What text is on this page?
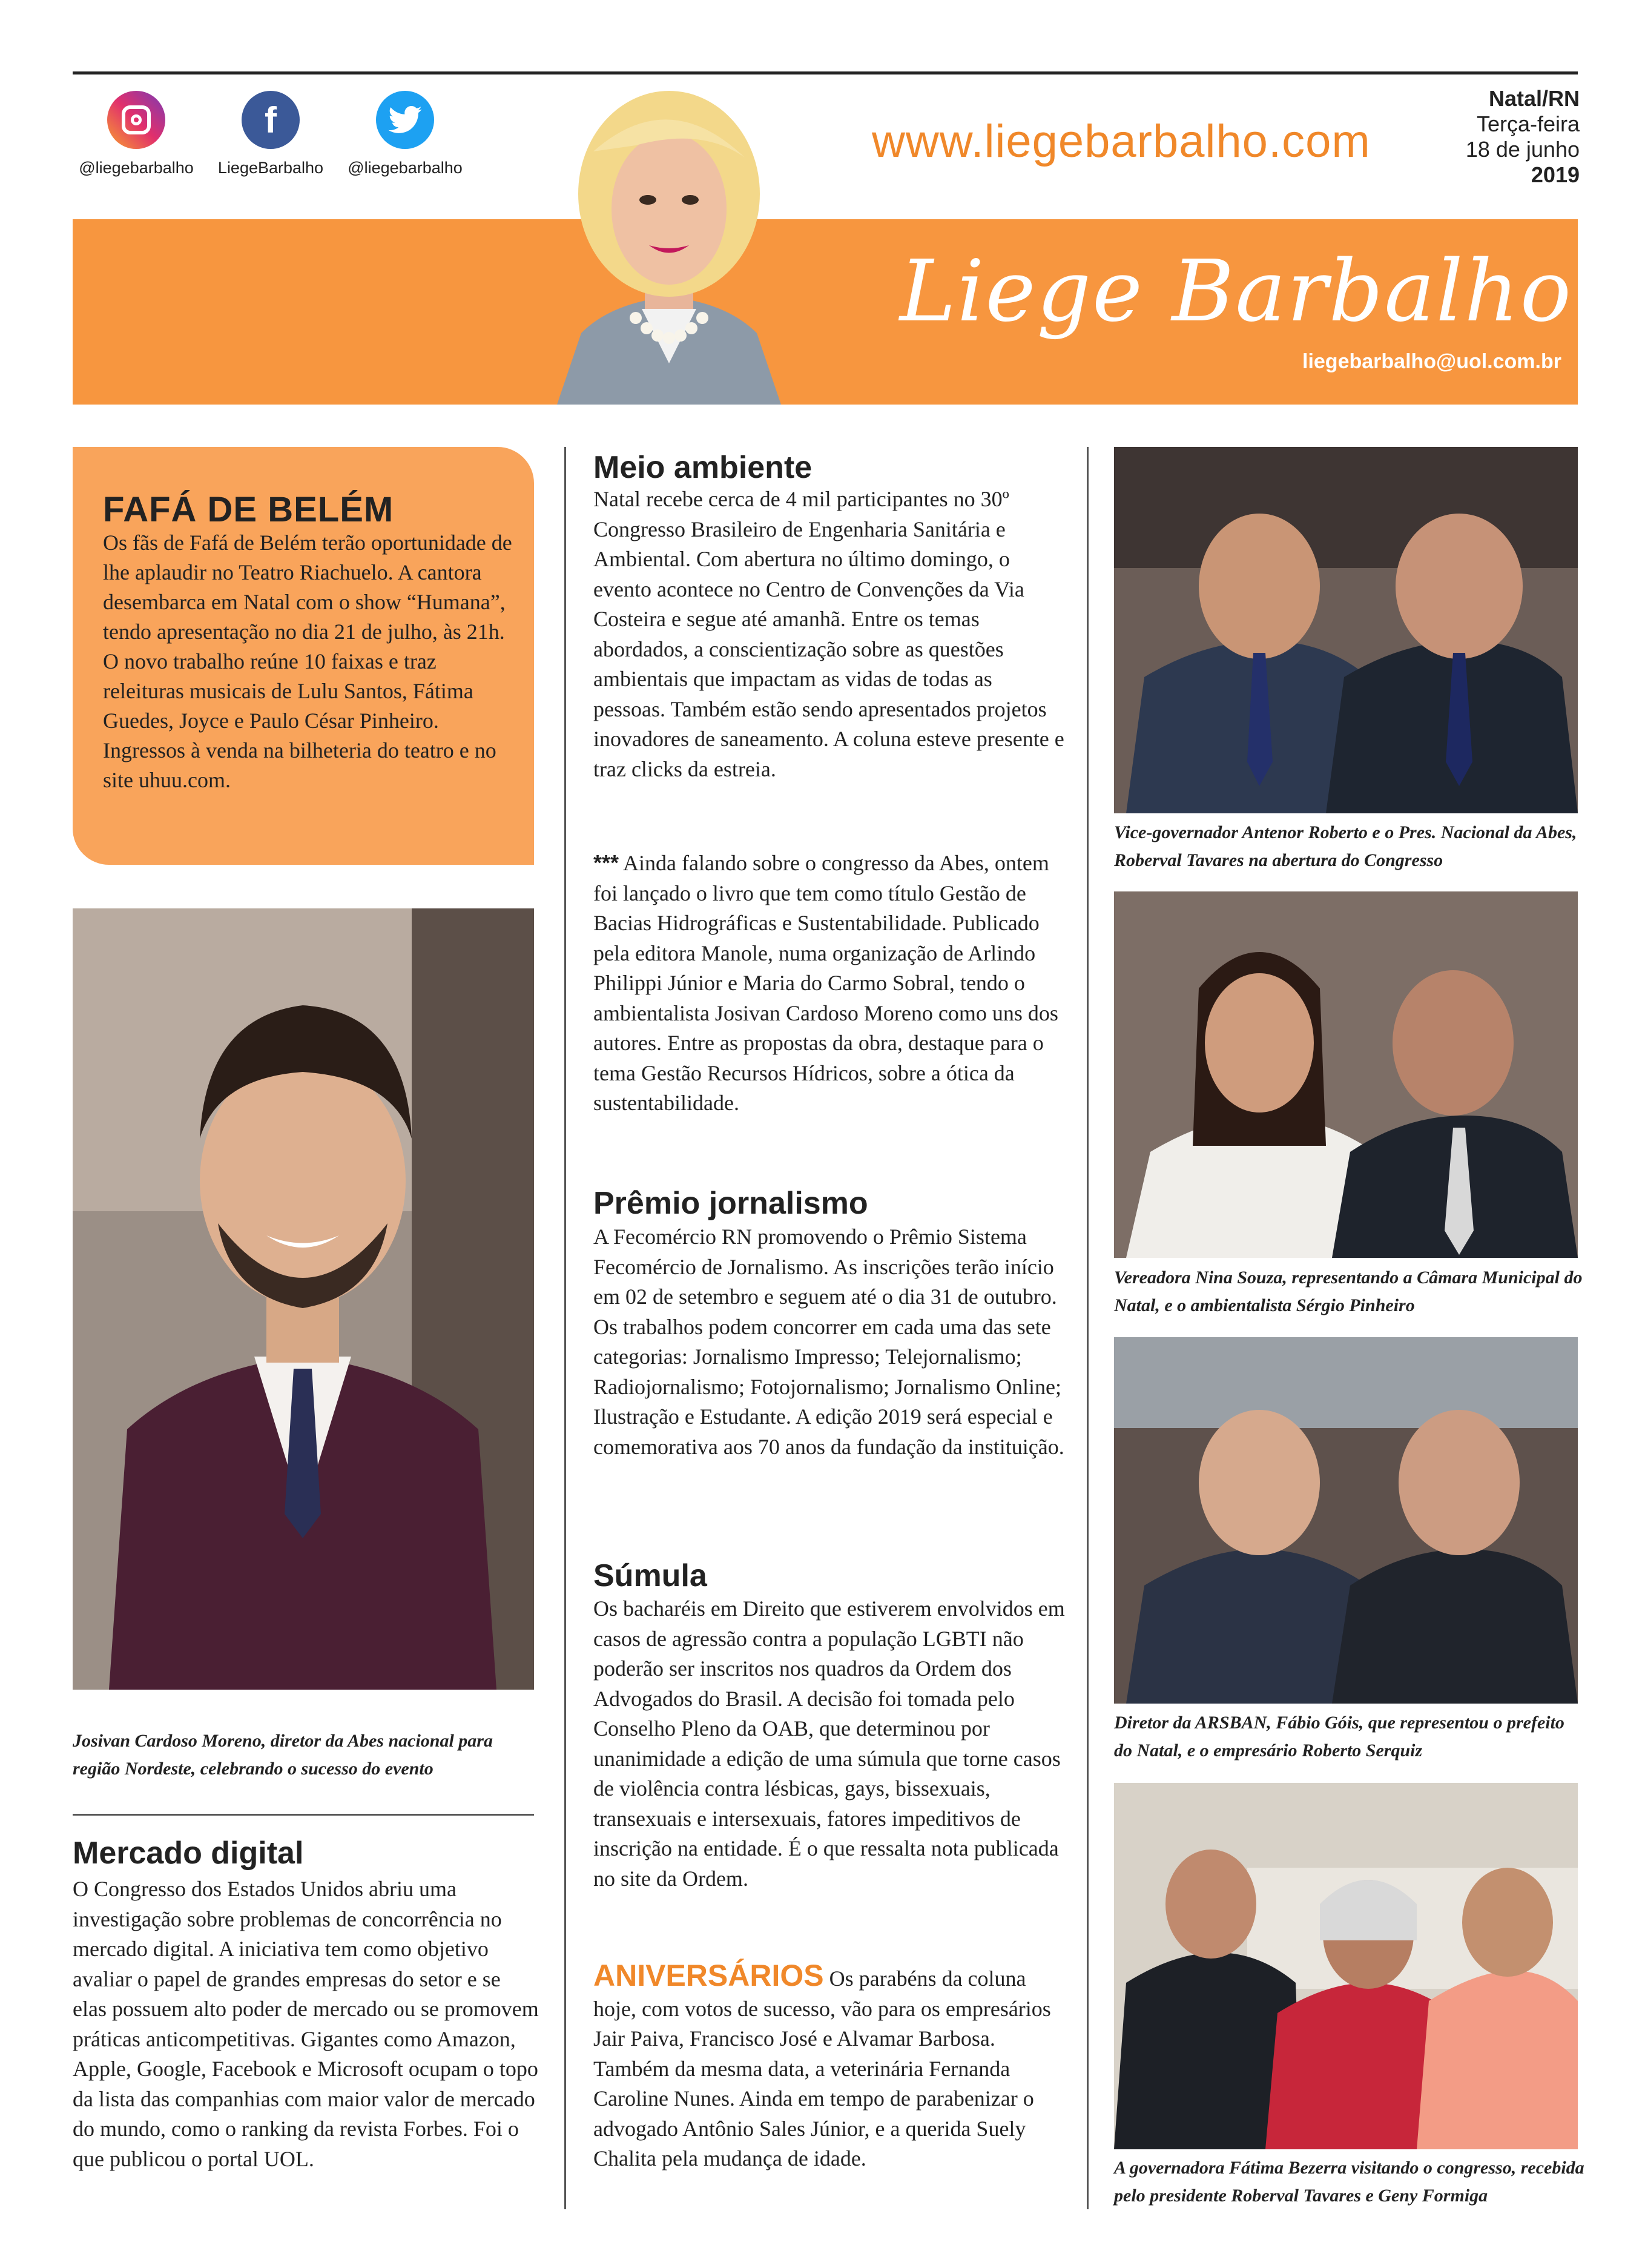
@liegebarbalho
f
LiegeBarbalho	@liegebarbalho
www.liegebarbalho.com
Natal/RN
Terça-feira
18 de junho
2019
Liege Barbalho
liegebarbalho@uol.com.br
FAFÁ DE BELÉM

Os fãs de Fafá de Belém terão oportunidade de lhe aplaudir no Teatro Riachuelo. A cantora desembarca em Natal com o show “Humana”, tendo apresentação no dia 21 de julho, às 21h. O novo trabalho reúne 10 faixas e traz releituras musicais de Lulu Santos, Fátima Guedes, Joyce e Paulo César Pinheiro. Ingressos à venda na bilheteria do teatro e no site uhuu.com.

Josivan Cardoso Moreno, diretor da Abes nacional para região Nordeste, celebrando o sucesso do evento
Mercado digital
O Congresso dos Estados Unidos abriu uma investigação sobre problemas de concorrência no mercado digital. A iniciativa tem como objetivo avaliar o papel de grandes empresas do setor e se elas possuem alto poder de mercado ou se promovem práticas anticompetitivas. Gigantes como Amazon, Apple, Google, Facebook e Microsoft ocupam o topo da lista das companhias com maior valor de mercado do mundo, como o ranking da revista Forbes. Foi o que publicou o portal UOL.
Meio ambiente
Natal recebe cerca de 4 mil participantes no 30º Congresso Brasileiro de Engenharia Sanitária e Ambiental. Com abertura no último domingo, o evento acontece no Centro de Convenções da Via Costeira e segue até amanhã. Entre os temas abordados, a conscientização sobre as questões ambientais que impactam as vidas de todas as pessoas. Também estão sendo apresentados projetos inovadores de saneamento. A coluna esteve presente e traz clicks da estreia.
*** Ainda falando sobre o congresso da Abes, ontem foi lançado o livro que tem como título Gestão de Bacias Hidrográficas e Sustentabilidade. Publicado pela editora Manole, numa organização de Arlindo Philippi Júnior e Maria do Carmo Sobral, tendo o ambientalista Josivan Cardoso Moreno como uns dos autores. Entre as propostas da obra, destaque para o tema Gestão Recursos Hídricos, sobre a ótica da sustentabilidade.
Prêmio jornalismo
A Fecomércio RN promovendo o Prêmio Sistema Fecomércio de Jornalismo. As inscrições terão início em 02 de setembro e seguem até o dia 31 de outubro. Os trabalhos podem concorrer em cada uma das sete categorias: Jornalismo Impresso; Telejornalismo; Radiojornalismo; Fotojornalismo; Jornalismo Online; Ilustração e Estudante. A edição 2019 será especial e comemorativa aos 70 anos da fundação da instituição.
Súmula
Os bacharéis em Direito que estiverem envolvidos em casos de agressão contra a população LGBTI não poderão ser inscritos nos quadros da Ordem dos Advogados do Brasil. A decisão foi tomada pelo Conselho Pleno da OAB, que determinou por unanimidade a edição de uma súmula que torne casos de violência contra lésbicas, gays, bissexuais, transexuais e intersexuais, fatores impeditivos de inscrição na entidade. É o que ressalta nota publicada no site da Ordem.
ANIVERSÁRIOS Os parabéns da coluna hoje, com votos de sucesso, vão para os empresários Jair Paiva, Francisco José e Alvamar Barbosa. Também da mesma data, a veterinária Fernanda Caroline Nunes. Ainda em tempo de parabenizar o advogado Antônio Sales Júnior, e a querida Suely Chalita pela mudança de idade.
Vice-governador Antenor Roberto e o Pres. Nacional da Abes, Roberval Tavares na abertura do Congresso
Vereadora Nina Souza, representando a Câmara Municipal do Natal, e o ambientalista Sérgio Pinheiro
Diretor da ARSBAN, Fábio Góis, que representou o prefeito do Natal, e o empresário Roberto Serquiz
A governadora Fátima Bezerra visitando o congresso, recebida pelo presidente Roberval Tavares e Geny Formiga
